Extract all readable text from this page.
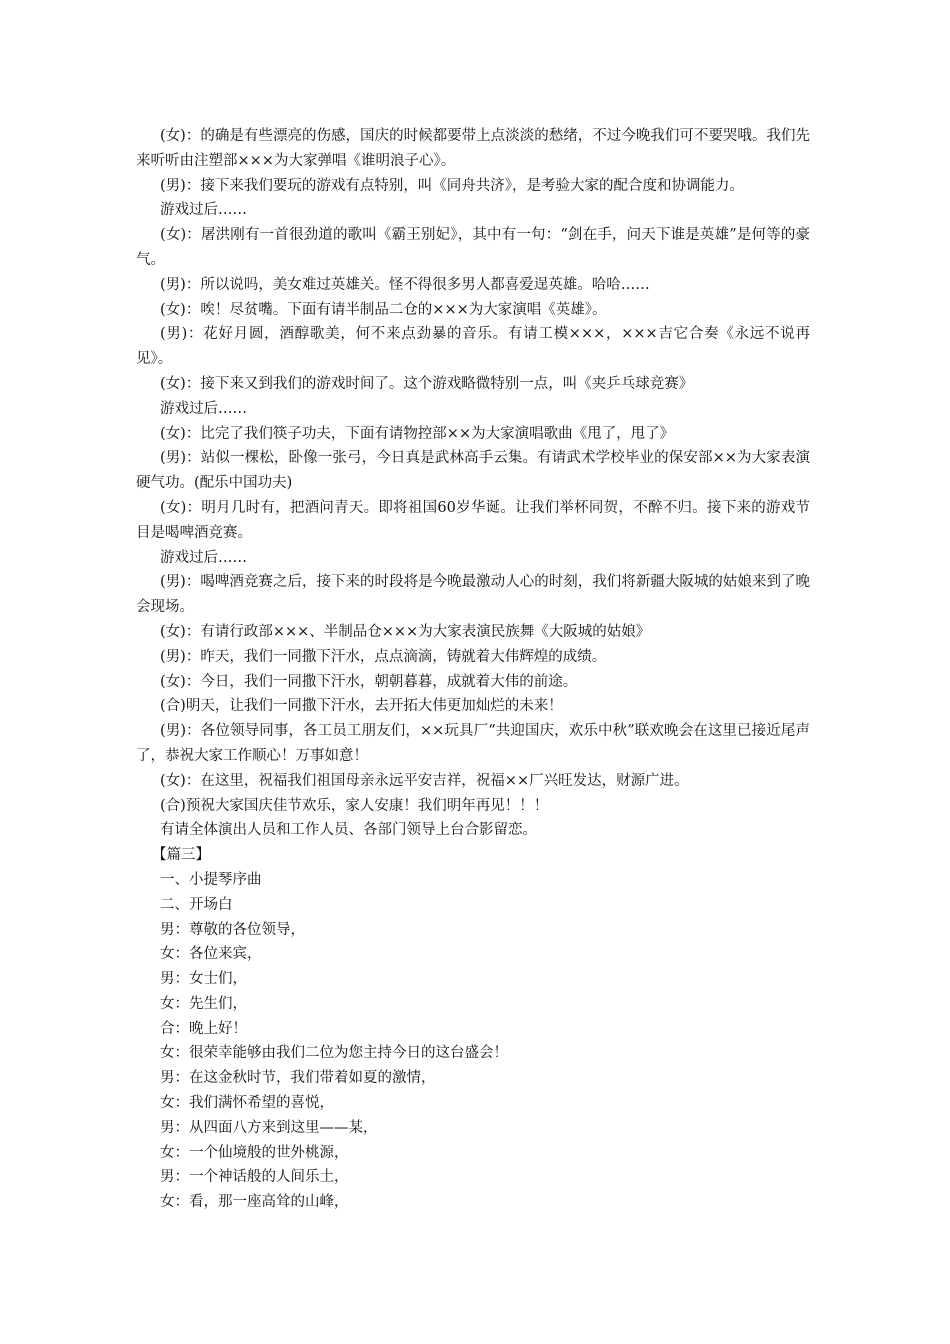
(女)：的确是有些漂亮的伤感，国庆的时候都要带上点淡淡的愁绪，不过今晚我们可不要哭哦。我们先来听听由注塑部×××为大家弹唱《谁明浪子心》。

(男)：接下来我们要玩的游戏有点特别，叫《同舟共济》，是考验大家的配合度和协调能力。

游戏过后……

(女)：屠洪刚有一首很劲道的歌叫《霸王别妃》，其中有一句：“剑在手，问天下谁是英雄”是何等的豪气。

(男)：所以说吗，美女难过英雄关。怪不得很多男人都喜爱逞英雄。哈哈……

(女)：唉！尽贫嘴。下面有请半制品二仓的×××为大家演唱《英雄》。

(男)：花好月圆，酒醇歌美，何不来点劲暴的音乐。有请工模×××，×××吉它合奏《永远不说再见》。

(女)：接下来又到我们的游戏时间了。这个游戏略微特别一点，叫《夹乒乓球竞赛》

游戏过后……

(女)：比完了我们筷子功夫，下面有请物控部××为大家演唱歌曲《甩了，甩了》

(男)：站似一棵松，卧像一张弓，今日真是武林高手云集。有请武术学校毕业的保安部××为大家表演硬气功。(配乐中国功夫)

(女)：明月几时有，把酒问青天。即将祖国60岁华诞。让我们举杯同贺，不醉不归。接下来的游戏节目是喝啤酒竞赛。

游戏过后……

(男)：喝啤酒竞赛之后，接下来的时段将是今晚最激动人心的时刻，我们将新疆大阪城的姑娘来到了晚会现场。

(女)：有请行政部×××、半制品仓×××为大家表演民族舞《大阪城的姑娘》

(男)：昨天，我们一同撒下汗水，点点滴滴，铸就着大伟辉煌的成绩。

(女)：今日，我们一同撒下汗水，朝朝暮暮，成就着大伟的前途。

(合)明天，让我们一同撒下汗水，去开拓大伟更加灿烂的未来！

(男)：各位领导同事，各工员工朋友们，××玩具厂“共迎国庆，欢乐中秋”联欢晚会在这里已接近尾声了，恭祝大家工作顺心！万事如意！

(女)：在这里，祝福我们祖国母亲永远平安吉祥，祝福××厂兴旺发达，财源广进。

(合)预祝大家国庆佳节欢乐，家人安康！我们明年再见！！！

有请全体演出人员和工作人员、各部门领导上台合影留恋。

【篇三】

一、小提琴序曲

二、开场白

男：尊敬的各位领导，

女：各位来宾，

男：女士们，

女：先生们，

合：晚上好！

女：很荣幸能够由我们二位为您主持今日的这台盛会！

男：在这金秋时节，我们带着如夏的激情，

女：我们满怀希望的喜悦，

男：从四面八方来到这里——某，

女：一个仙境般的世外桃源，

男：一个神话般的人间乐土，

女：看，那一座高耸的山峰，
